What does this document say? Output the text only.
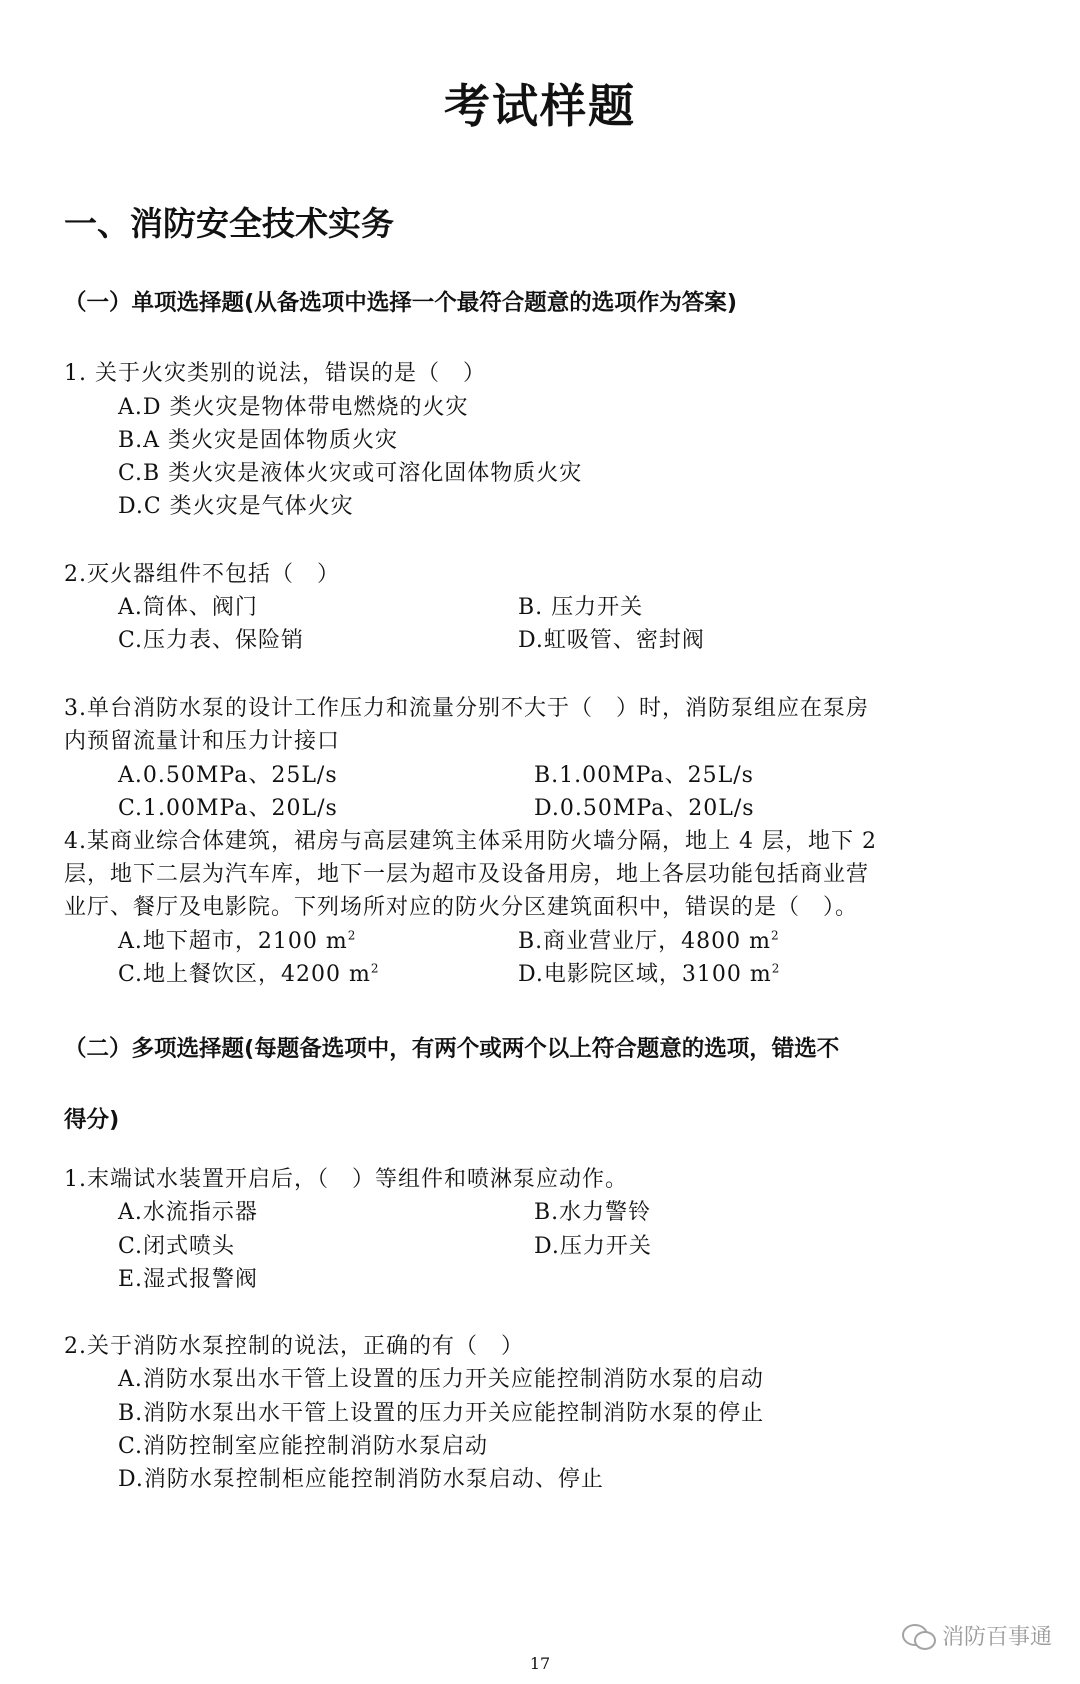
考试样题
一、消防安全技术实务
（一）单项选择题(从备选项中选择一个最符合题意的选项作为答案)
1. 关于火灾类别的说法，错误的是（　）
A.D 类火灾是物体带电燃烧的火灾
B.A 类火灾是固体物质火灾
C.B 类火灾是液体火灾或可溶化固体物质火灾
D.C 类火灾是气体火灾
2.灭火器组件不包括（　）
A.筒体、阀门	B. 压力开关
C.压力表、保险销	D.虹吸管、密封阀
3.单台消防水泵的设计工作压力和流量分别不大于（　）时，消防泵组应在泵房
内预留流量计和压力计接口
A.0.50MPa、25L/s	B.1.00MPa、25L/s
C.1.00MPa、20L/s	D.0.50MPa、20L/s
4.某商业综合体建筑，裙房与高层建筑主体采用防火墙分隔，地上 4 层，地下 2
层，地下二层为汽车库，地下一层为超市及设备用房，地上各层功能包括商业营
业厅、餐厅及电影院。下列场所对应的防火分区建筑面积中，错误的是（　）。
A.地下超市，2100 $m^2$	B.商业营业厅，4800 $m^2$
C.地上餐饮区，4200 $m^2$	D.电影院区域，3100 $m^2$
（二）多项选择题(每题备选项中，有两个或两个以上符合题意的选项，错选不
得分)
1.末端试水装置开启后，（　）等组件和喷淋泵应动作。
A.水流指示器	B.水力警铃
C.闭式喷头	D.压力开关
E.湿式报警阀
2.关于消防水泵控制的说法，正确的有（　）
A.消防水泵出水干管上设置的压力开关应能控制消防水泵的启动
B.消防水泵出水干管上设置的压力开关应能控制消防水泵的停止
C.消防控制室应能控制消防水泵启动
D.消防水泵控制柜应能控制消防水泵启动、停止
消防百事通
17
